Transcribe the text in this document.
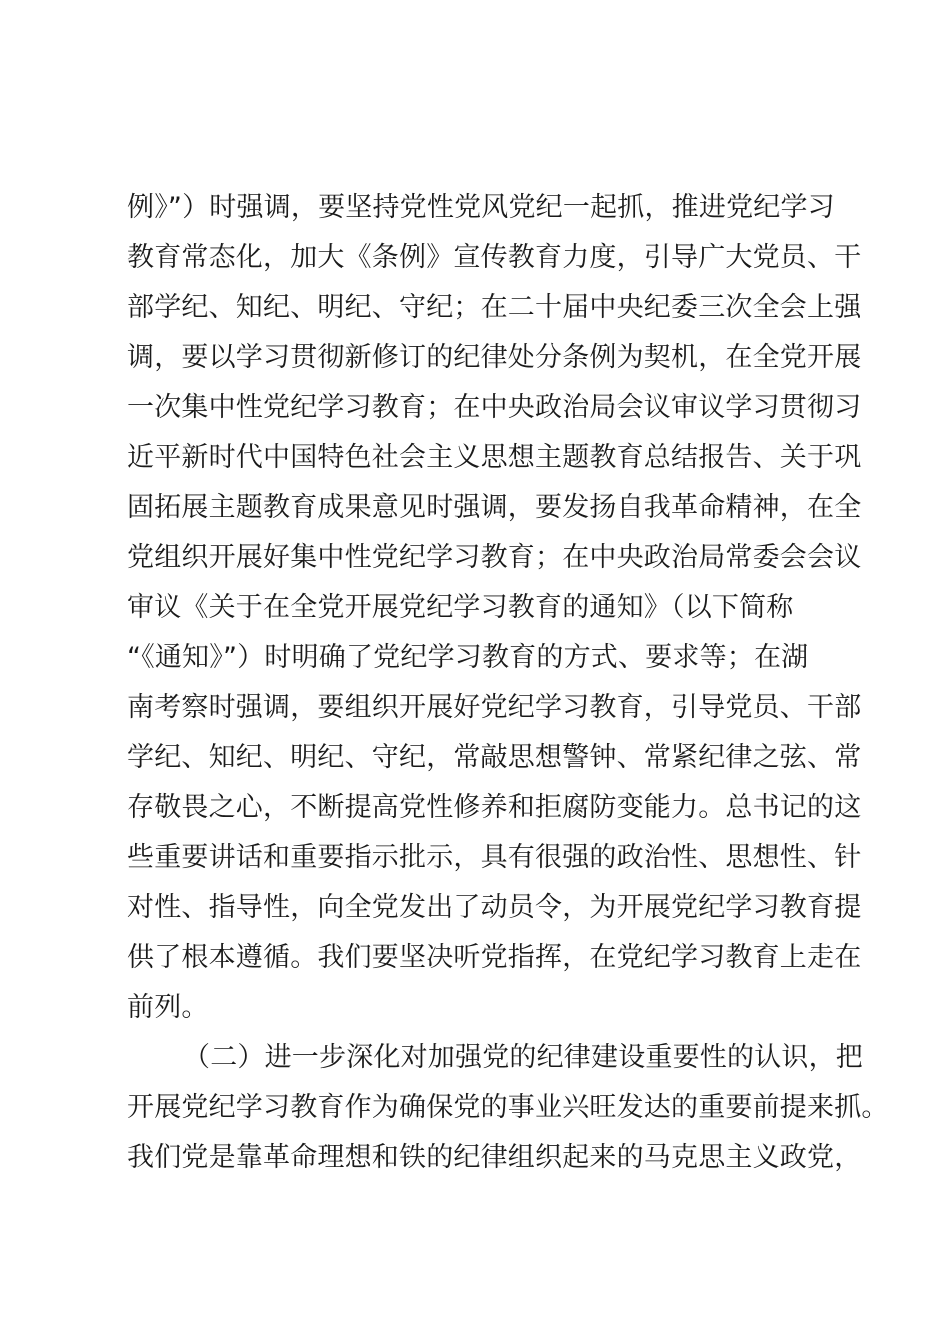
例》”）时强调，要坚持党性党风党纪一起抓，推进党纪学习
教育常态化，加大《条例》宣传教育力度，引导广大党员、干
部学纪、知纪、明纪、守纪；在二十届中央纪委三次全会上强
调，要以学习贯彻新修订的纪律处分条例为契机，在全党开展
一次集中性党纪学习教育；在中央政治局会议审议学习贯彻习
近平新时代中国特色社会主义思想主题教育总结报告、关于巩
固拓展主题教育成果意见时强调，要发扬自我革命精神，在全
党组织开展好集中性党纪学习教育；在中央政治局常委会会议
审议《关于在全党开展党纪学习教育的通知》（以下简称
“《通知》”）时明确了党纪学习教育的方式、要求等；在湖
南考察时强调，要组织开展好党纪学习教育，引导党员、干部
学纪、知纪、明纪、守纪，常敲思想警钟、常紧纪律之弦、常
存敬畏之心，不断提高党性修养和拒腐防变能力。总书记的这
些重要讲话和重要指示批示，具有很强的政治性、思想性、针
对性、指导性，向全党发出了动员令，为开展党纪学习教育提
供了根本遵循。我们要坚决听党指挥，在党纪学习教育上走在
前列。
（二）进一步深化对加强党的纪律建设重要性的认识，把
开展党纪学习教育作为确保党的事业兴旺发达的重要前提来抓。
我们党是靠革命理想和铁的纪律组织起来的马克思主义政党，
